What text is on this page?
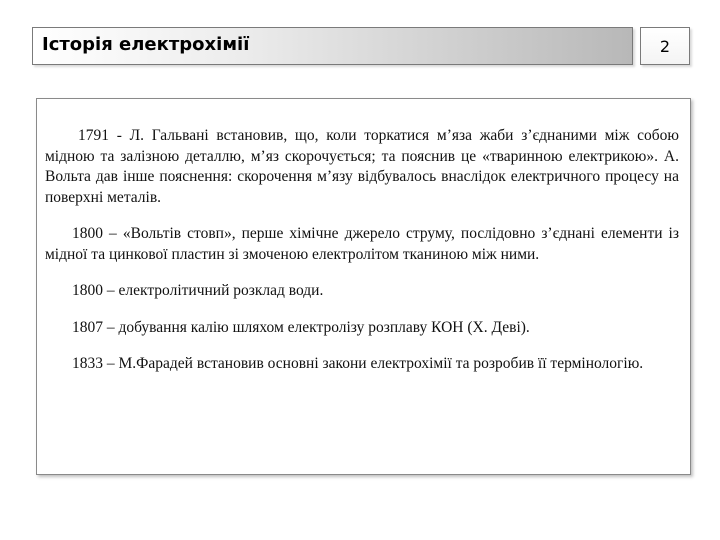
Історія електрохімії	2

1791 - Л. Гальвані встановив, що, коли торкатися м’яза жаби з’єднаними між собою мідною та залізною деталлю, м’яз скорочується; та пояснив це «тваринною електрикою». А. Вольта дав інше пояснення: скорочення м’язу відбувалось внаслідок електричного процесу на поверхні металів.

1800 – «Вольтів стовп», перше хімічне джерело струму, послідовно з’єднані елементи із мідної та цинкової пластин зі змоченою електролітом тканиною між ними.

1800 – електролітичний розклад води.

1807 – добування калію шляхом електролізу розплаву КОН (Х. Деві).

1833 – М.Фарадей встановив основні закони електрохімії та розробив її термінологію.
